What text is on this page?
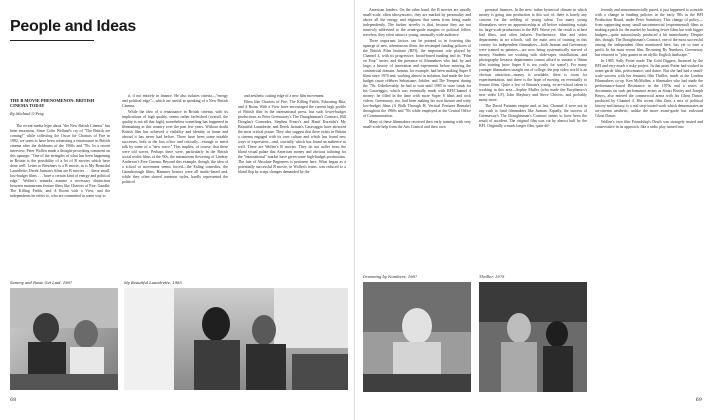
People and Ideas
THE B MOVIE PHENOMENON: BRITISH CINEMA TODAY

By Michael O'Pray

The recent media hype about "the New British Cinema" has been enormous. Since Colin Welland's cry of "The British are coming!" while collecting the Oscar for Chariots of Fire in 1982, we seem to have been witnessing a renaissance in British cinema after the doldrums of the 1960s and '70s. In a recent interview, Peter Wollen made a thought-provoking comment on this upsurge: "One of the strengths of what has been happening in Britain is the possibility of a lot of B movies which have done well. Letter to Brezhnev is a B movie, as is My Beautiful Laundrette, Derek Jarman's films are B movies . . . these small, low-budget films . . . have a certain kind of energy and political edge." Wollen's remarks assume a necessary distinction between mainstream feature films like Chariots of Fire, Gandhi, The Killing Fields, and A Room with a View, and the independents he refers to, who are committed in some way to

it, if not entirely in finance. He also isolates criteria—"energy and political edge"—which are useful in speaking of a New British Cinema.

While the idea of a renaissance in British cinema, with its implications of high quality, seems rather farfetched (overall, the quality is not all that high), nonetheless something has happened in filmmaking in this country over the past few years. Without doubt British film has achieved a visibility and identity at home and abroad it has never had before. There have been some notable successes, both at the box office and critically—enough to merit talk by some of a "new wave." This implies, of course, that there were old waves. Perhaps there were, particularly in the British social realist films of the '60s, the mainstream flowering of Lindsay Anderson's Free Cinema. Beyond this example, though, the idea of a school or movement seems forced—the Ealing comedies, the Gainsborough films, Hammer horrors were all studio-based and, while they often shared common styles, hardly represented the political

and aesthetic cutting edge of a new film movement.

Films like Chariots of Fire, The Killing Fields, Educating Rita, and A Room With a View have encouraged the current high profile of British film in the international press, but such lower-budget productions as Peter Greenaway's The Draughtsman's Contract, Bill Douglas's Comrades, Stephen Frears's and Hanif Kureishi's My Beautiful Laundrette, and Derek Jarman's Caravaggio have attracted the most critical praise. They also suggest that there exists in Britain a cinema engaged with its own culture and which has found new ways of expression—and, crucially, which has found an audience as well. These are Wollen's B movies. They do not suffer from the bland visual palate that American money and obvious tailoring for the "international" market have given some high-budget productions. The fate of Absolute Beginners is pertinent here. What began as a potentially successful B movie, in Wollen's terms, was reduced to a bland flop by script changes demanded by the

Sammy and Rosie Get Laid, 1987	My Beautiful Laundrette, 1985

68

American funders. On the other hand, the B movies are usually small-scale, often idiosyncratic; they are marked by personality and above all the energy and edginess that stems from being made independently. The further novelty is that, because they are not narrowly addressed to the avant-garde margins or political fellow travelers, they often attract a young, unusually wide audience.

Three important factors can be pointed to in fostering this upsurge of new, adventurous films: the revamped funding policies of the British Film Institute (BFI); the important role played by Channel 4, with its progressive, broad-based funding and its "Film on Four" series; and the presence of filmmakers who had, by and large, a history of innovation and experiment before entering the commercial domain. Jarman, for example, had been making Super 8 films since 1970 and, working almost in isolation, had made the low-budget cause célèbres Sebastiane, Jubilee, and The Tempest during the '70s. Unbelievably, he had to wait until 1985 to raise funds for his Caravaggio, which was eventually made with BFI/Channel 4 money; he filled in the time with more Super 8 films and rock videos. Greenaway, too, had been making his own bizarre and witty low-budget films (A Walk Through H, Vertical Features Remake) throughout the 1960s and '70s while employed at the Central Office of Communication.

Many of these filmmakers received their early training with very small-scale help from the Arts Council and their own

personal finances. In the new, rather hysterical climate in which money is going into production to this sort of, there is barely any concern for the welding of young talent. Too many young filmmakers serve no apprenticeship at all before submitting scripts for large-scale productions to the BFI. Worse yet, the result is at best bad films, and often failures. Furthermore, film and video departments in art schools, still the main area of training in this country for independent filmmakers—both Jarman and Greenaway were trained as painters—are now being systematically starved of money. Students are working with slide-tapes, installations, and photography because departments cannot afford to sustain a 16mm film training (now Super 8 is too costly for some!). For many younger filmmakers straight out of college, the pop video world is an obvious attraction—money is available, there is room for experimentation, and there is the hope of moving on eventually to feature films. Quite a few of Britain's young, ex-art-school talent is working in this area—Sophie Muller (who made the Eurythmics's new video LP), John Maybury and Steve Chivers, and probably many more.

The David Puttnam empire and, at last, Channel 4 were not in any rush to fund filmmakers like Jarman. Equally, the success of Greenaway's The Draughtsman's Contract seems to have been the result of accident. The original film was cut by almost half by the BFI. Originally a much longer film, quite dif-

ferently and noncommercially paced, it just happened to coincide with a change in funding policies in the early '80s in the BFI Production Board, under Peter Sainsbury. This change of policy—from supporting many small uncommercial (experimental) films to making a pitch for the market by backing fewer films but with bigger budgets—quite miraculously produced a hit immediately. Despite this, though, The Draughtsman's Contract, one of the most successful among the independent films mentioned here, has yet to earn a profit. In his most recent film, Drowning By Numbers, Greenaway has returned to "play games in an idyllic English landscape."

In 1985, Sally Potter made The Gold Diggers, financed by the BFI and very much a risky project. In that point Potter had worked in avant-garde film, performance, and dance. But she had had a small-scale success with her feminist film Thriller, made at the London Filmmakers co-op. Ken McMullen, a filmmaker who had made the performance-based Resistance in the 1970s and a series of documents on such performance artists as Stuart Brisley and Joseph Beuys, also entered the commercial arena with his Ghost Dance, produced by Channel 4. His recent film Zina, a mix of political history and fantasy, is a real step toward work which demonstrates an art-cinema aesthetic, unlike the more avant-garde but awkward Ghost Dance.

Wollen's own film Friendship's Death was strangely muted and conservative in its approach, like a radio play turned into

Drowning by Numbers, 1987	Thriller, 1979

69
